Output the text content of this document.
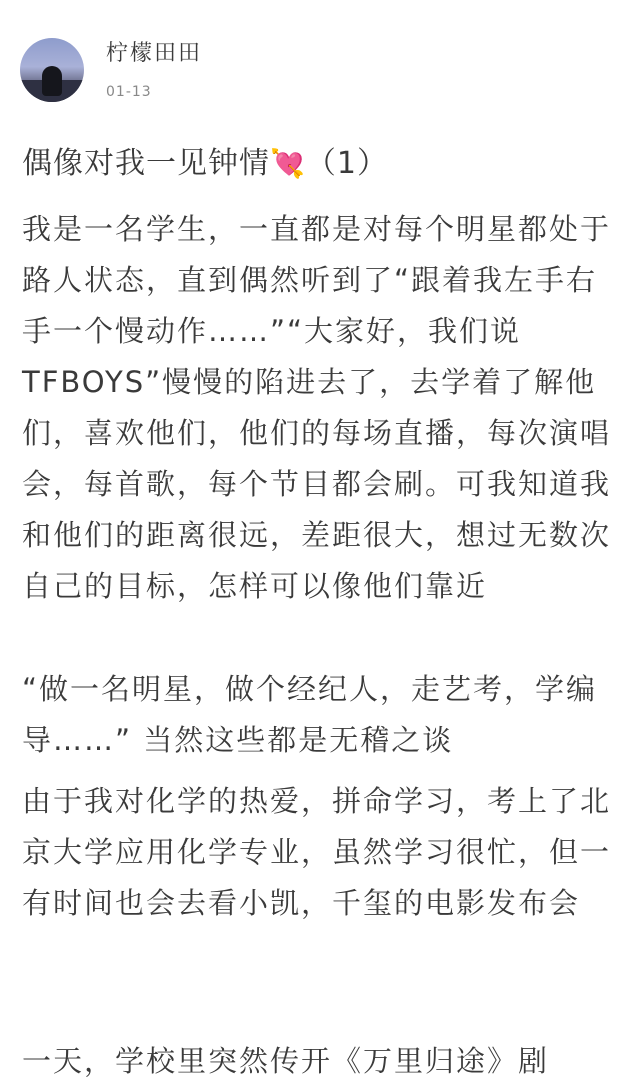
柠檬田田
01-13
偶像对我一见钟情💘（1）

我是一名学生，一直都是对每个明星都处于路人状态，直到偶然听到了“跟着我左手右手一个慢动作……”“大家好，我们说TFBOYS”慢慢的陷进去了，去学着了解他们，喜欢他们，他们的每场直播，每次演唱会，每首歌，每个节目都会刷。可我知道我和他们的距离很远，差距很大，想过无数次自己的目标，怎样可以像他们靠近

“做一名明星，做个经纪人，走艺考，学编导……” 当然这些都是无稽之谈

由于我对化学的热爱，拼命学习，考上了北京大学应用化学专业，虽然学习很忙，但一有时间也会去看小凯，千玺的电影发布会

一天，学校里突然传开《万里归途》剧
